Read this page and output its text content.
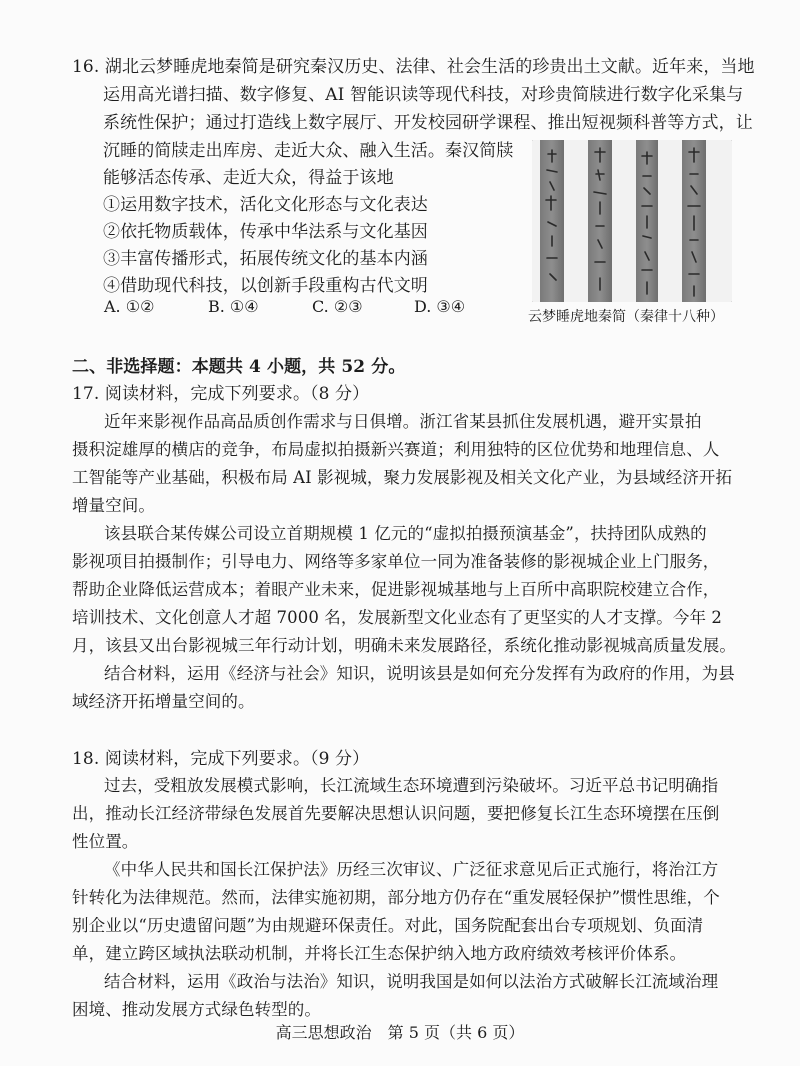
16. 湖北云梦睡虎地秦简是研究秦汉历史、法律、社会生活的珍贵出土文献。近年来，当地
运用高光谱扫描、数字修复、AI 智能识读等现代科技，对珍贵简牍进行数字化采集与
系统性保护；通过打造线上数字展厅、开发校园研学课程、推出短视频科普等方式，让
沉睡的简牍走出库房、走近大众、融入生活。秦汉简牍
能够活态传承、走近大众，得益于该地
①运用数字技术，活化文化形态与文化表达
②依托物质载体，传承中华法系与文化基因
③丰富传播形式，拓展传统文化的基本内涵
④借助现代科技，以创新手段重构古代文明
A. ①②	B. ①④	C. ②③	D. ③④
云梦睡虎地秦简（秦律十八种）
二、非选择题：本题共 4 小题，共 52 分。
17. 阅读材料，完成下列要求。（8 分）
近年来影视作品高品质创作需求与日俱增。浙江省某县抓住发展机遇，避开实景拍
摄积淀雄厚的横店的竞争，布局虚拟拍摄新兴赛道；利用独特的区位优势和地理信息、人
工智能等产业基础，积极布局 AI 影视城，聚力发展影视及相关文化产业，为县域经济开拓
增量空间。
该县联合某传媒公司设立首期规模 1 亿元的“虚拟拍摄预演基金”，扶持团队成熟的
影视项目拍摄制作；引导电力、网络等多家单位一同为准备装修的影视城企业上门服务，
帮助企业降低运营成本；着眼产业未来，促进影视城基地与上百所中高职院校建立合作，
培训技术、文化创意人才超 7000 名，发展新型文化业态有了更坚实的人才支撑。今年 2
月，该县又出台影视城三年行动计划，明确未来发展路径，系统化推动影视城高质量发展。
结合材料，运用《经济与社会》知识，说明该县是如何充分发挥有为政府的作用，为县
域经济开拓增量空间的。
18. 阅读材料，完成下列要求。（9 分）
过去，受粗放发展模式影响，长江流域生态环境遭到污染破坏。习近平总书记明确指
出，推动长江经济带绿色发展首先要解决思想认识问题，要把修复长江生态环境摆在压倒
性位置。
《中华人民共和国长江保护法》历经三次审议、广泛征求意见后正式施行，将治江方
针转化为法律规范。然而，法律实施初期，部分地方仍存在“重发展轻保护”惯性思维，个
别企业以“历史遗留问题”为由规避环保责任。对此，国务院配套出台专项规划、负面清
单，建立跨区域执法联动机制，并将长江生态保护纳入地方政府绩效考核评价体系。
结合材料，运用《政治与法治》知识，说明我国是如何以法治方式破解长江流域治理
困境、推动发展方式绿色转型的。
高三思想政治　第 5 页（共 6 页）
